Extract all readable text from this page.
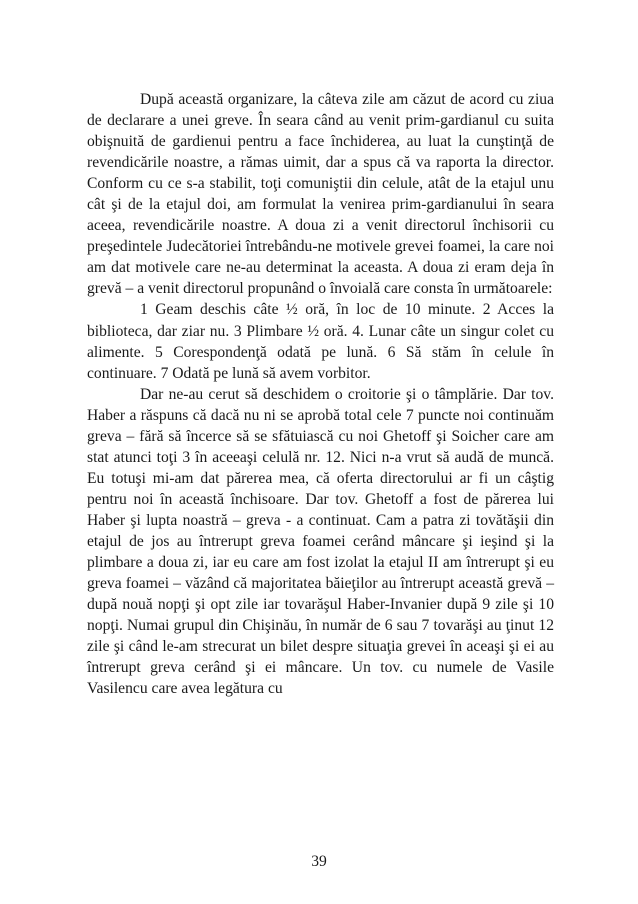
După această organizare, la câteva zile am căzut de acord cu ziua de declarare a unei greve. În seara când au venit prim-gardianul cu suita obişnuită de gardienui pentru a face închiderea, au luat la cunştinţă de revendicările noastre, a rămas uimit, dar a spus că va raporta la director. Conform cu ce s-a stabilit, toţi comuniştii din celule, atât de la etajul unu cât şi de la etajul doi, am formulat la venirea prim-gardianului în seara aceea, revendicările noastre. A doua zi a venit directorul închisorii cu preşedintele Judecătoriei întrebându-ne motivele grevei foamei, la care noi am dat motivele care ne-au determinat la aceasta. A doua zi eram deja în grevă – a venit directorul propunând o învoială care consta în următoarele:

1 Geam deschis câte ½ oră, în loc de 10 minute. 2 Acces la biblioteca, dar ziar nu. 3 Plimbare ½ oră. 4. Lunar câte un singur colet cu alimente. 5 Corespondenţă odată pe lună. 6 Să stăm în celule în continuare. 7 Odată pe lună să avem vorbitor.

Dar ne-au cerut să deschidem o croitorie şi o tâmplărie. Dar tov. Haber a răspuns că dacă nu ni se aprobă total cele 7 puncte noi continuăm greva – fără să încerce să se sfătuiască cu noi Ghetoff şi Soicher care am stat atunci toţi 3 în aceeaşi celulă nr. 12. Nici n-a vrut să audă de muncă. Eu totuşi mi-am dat părerea mea, că oferta directorului ar fi un câştig pentru noi în această închisoare. Dar tov. Ghetoff a fost de părerea lui Haber şi lupta noastră – greva - a continuat. Cam a patra zi tovătăşii din etajul de jos au întrerupt greva foamei cerând mâncare şi ieşind şi la plimbare a doua zi, iar eu care am fost izolat la etajul II am întrerupt şi eu greva foamei – văzând că majoritatea băieţilor au întrerupt această grevă – după nouă nopţi şi opt zile iar tovarăşul Haber-Invanier după 9 zile şi 10 nopţi. Numai grupul din Chişinău, în număr de 6 sau 7 tovarăşi au ţinut 12 zile şi când le-am strecurat un bilet despre situaţia grevei în aceaşi şi ei au întrerupt greva cerând şi ei mâncare. Un tov. cu numele de Vasile Vasilencu care avea legătura cu

39
